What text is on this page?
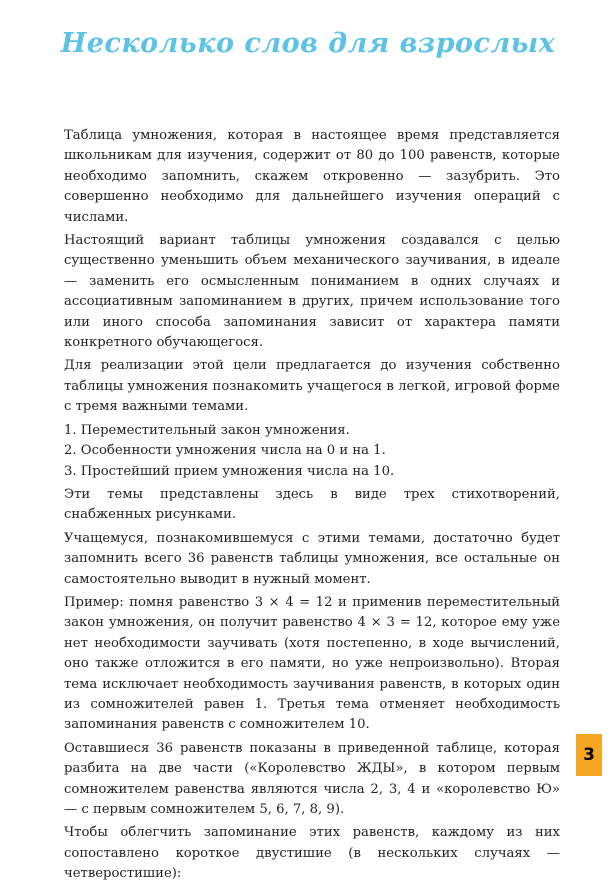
Несколько слов для взрослых

Таблица умножения, которая в настоящее время представляется школьникам для изучения, содержит от 80 до 100 равенств, которые необходимо запомнить, скажем откровенно — зазубрить. Это совершенно необходимо для дальнейшего изучения операций с числами.

Настоящий вариант таблицы умножения создавался с целью существенно уменьшить объем механического заучивания, в идеале — заменить его осмысленным пониманием в одних случаях и ассоциативным запоминанием в других, причем использование того или иного способа запоминания зависит от характера памяти конкретного обучающегося.

Для реализации этой цели предлагается до изучения собственно таблицы умножения познакомить учащегося в легкой, игровой форме с тремя важными темами.

1. Переместительный закон умножения.
2. Особенности умножения числа на 0 и на 1.
3. Простейший прием умножения числа на 10.

Эти темы представлены здесь в виде трех стихотворений, снабженных рисунками.

Учащемуся, познакомившемуся с этими темами, достаточно будет запомнить всего 36 равенств таблицы умножения, все остальные он самостоятельно выводит в нужный момент.

Пример: помня равенство 3 × 4 = 12 и применив переместительный закон умножения, он получит равенство 4 × 3 = 12, которое ему уже нет необходимости заучивать (хотя постепенно, в ходе вычислений, оно также отложится в его памяти, но уже непроизвольно). Вторая тема исключает необходимость заучивания равенств, в которых один из сомножителей равен 1. Третья тема отменяет необходимость запоминания равенств с сомножителем 10.

Оставшиеся 36 равенств показаны в приведенной таблице, которая разбита на две части («Королевство ЖДЫ», в котором первым сомножителем равенства являются числа 2, 3, 4 и «королевство Ю» — с первым сомножителем 5, 6, 7, 8, 9).

Чтобы облегчить запоминание этих равенств, каждому из них сопоставлено короткое двустишие (в нескольких случаях — четверостишие):

3
